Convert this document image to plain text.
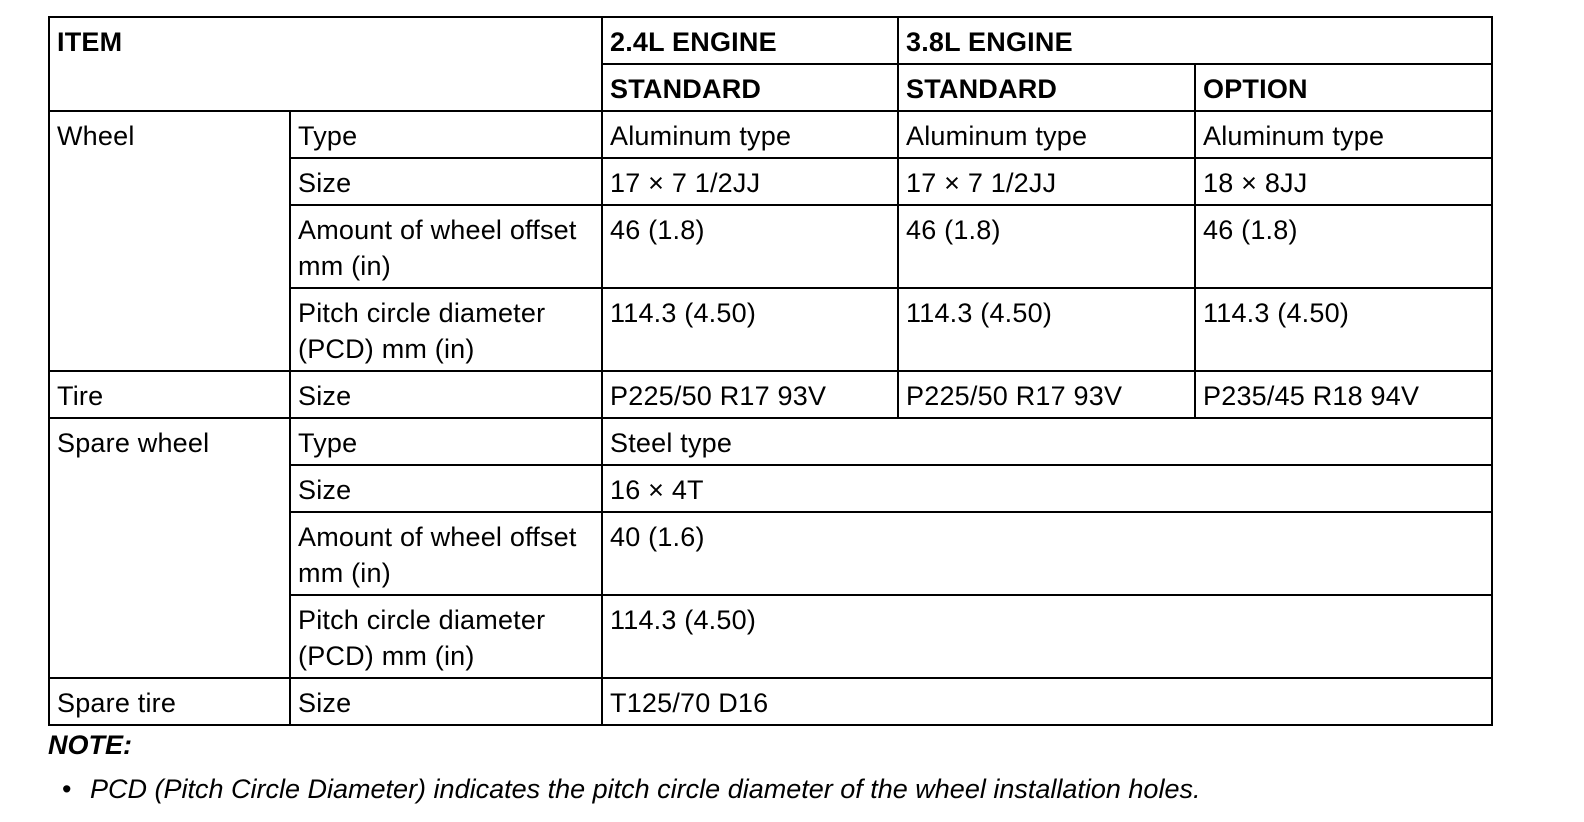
ITEM		2.4L ENGINE	3.8L ENGINE	
		STANDARD	STANDARD	OPTION
Wheel	Type	Aluminum type	Aluminum type	Aluminum type
	Size	17 × 7 1/2JJ	17 × 7 1/2JJ	18 × 8JJ
	Amount of wheel offset mm (in)	46 (1.8)	46 (1.8)	46 (1.8)
	Pitch circle diameter (PCD) mm (in)	114.3 (4.50)	114.3 (4.50)	114.3 (4.50)
Tire	Size	P225/50 R17 93V	P225/50 R17 93V	P235/45 R18 94V
Spare wheel	Type	Steel type		
	Size	16 × 4T		
	Amount of wheel offset mm (in)	40 (1.6)		
	Pitch circle diameter (PCD) mm (in)	114.3 (4.50)		
Spare tire	Size	T125/70 D16		
NOTE:
• PCD (Pitch Circle Diameter) indicates the pitch circle diameter of the wheel installation holes.
